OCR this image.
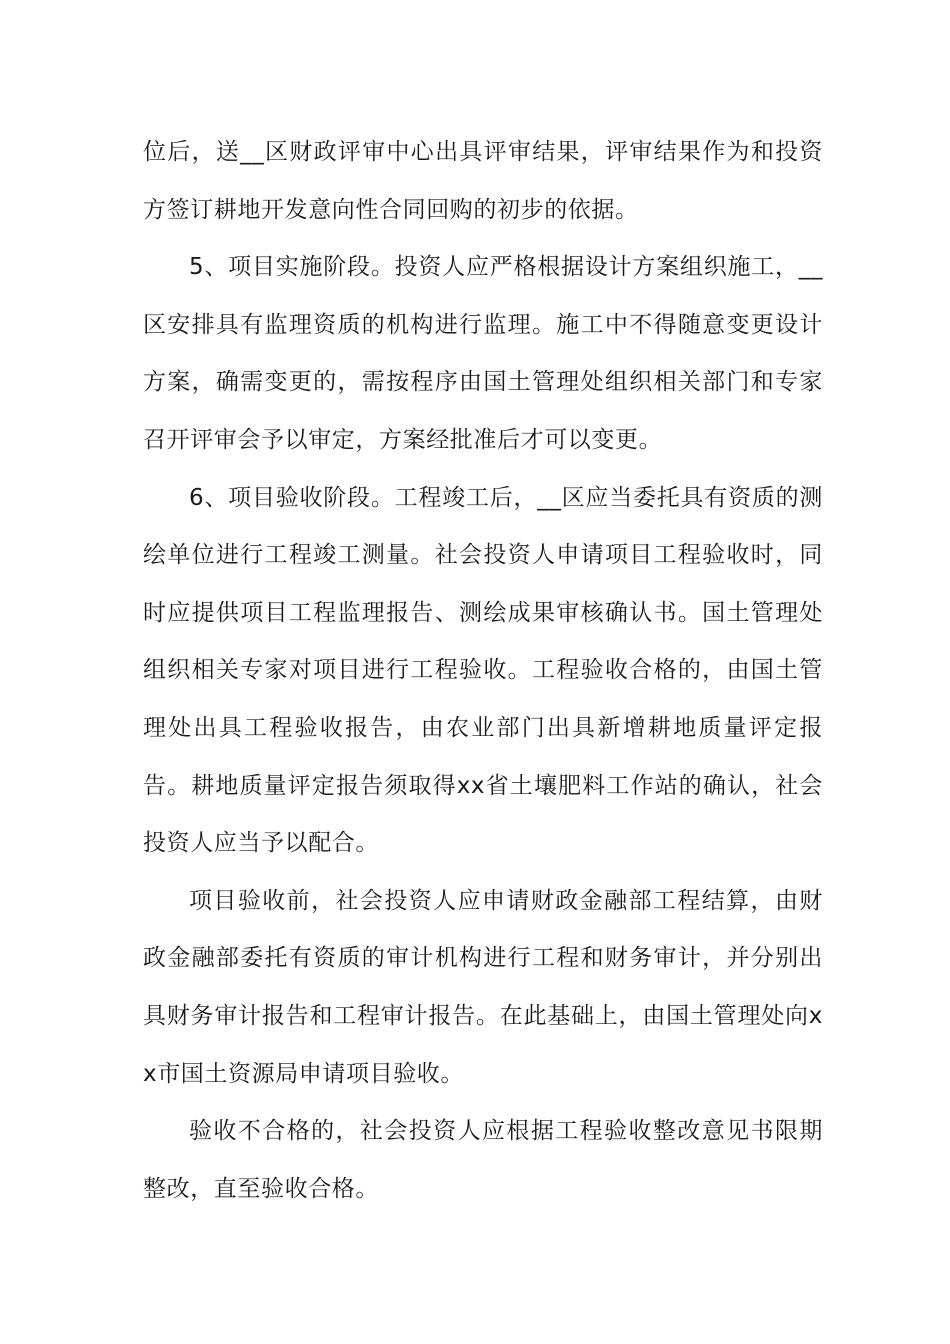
位后，送__区财政评审中心出具评审结果，评审结果作为和投资方签订耕地开发意向性合同回购的初步的依据。

5、项目实施阶段。投资人应严格根据设计方案组织施工，__区安排具有监理资质的机构进行监理。施工中不得随意变更设计方案，确需变更的，需按程序由国土管理处组织相关部门和专家召开评审会予以审定，方案经批准后才可以变更。

6、项目验收阶段。工程竣工后，__区应当委托具有资质的测绘单位进行工程竣工测量。社会投资人申请项目工程验收时，同时应提供项目工程监理报告、测绘成果审核确认书。国土管理处组织相关专家对项目进行工程验收。工程验收合格的，由国土管理处出具工程验收报告，由农业部门出具新增耕地质量评定报告。耕地质量评定报告须取得xx省土壤肥料工作站的确认，社会投资人应当予以配合。

项目验收前，社会投资人应申请财政金融部工程结算，由财政金融部委托有资质的审计机构进行工程和财务审计，并分别出具财务审计报告和工程审计报告。在此基础上，由国土管理处向xx市国土资源局申请项目验收。

验收不合格的，社会投资人应根据工程验收整改意见书限期整改，直至验收合格。
